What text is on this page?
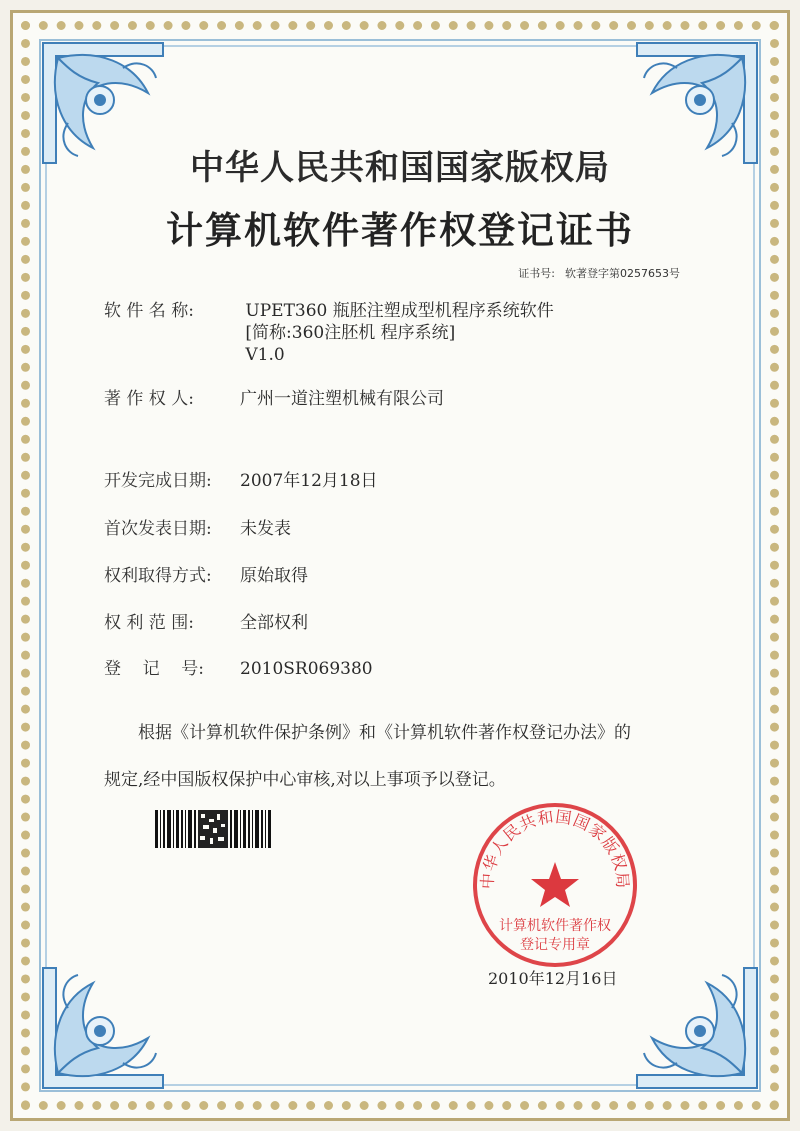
中华人民共和国国家版权局
计算机软件著作权登记证书
证书号: 软著登字第0257653号
软 件 名 称:	UPET360 瓶胚注塑成型机程序系统软件
[简称:360注胚机 程序系统]
V1.0
著 作 权 人:	广州一道注塑机械有限公司
开发完成日期: 2007年12月18日
首次发表日期: 未发表
权利取得方式: 原始取得
权 利 范 围:	全部权利
登    记    号: 2010SR069380
根据《计算机软件保护条例》和《计算机软件著作权登记办法》的
规定,经中国版权保护中心审核,对以上事项予以登记。
中华人民共和国国家版权局
计算机软件著作权
登记专用章
2010年12月16日
